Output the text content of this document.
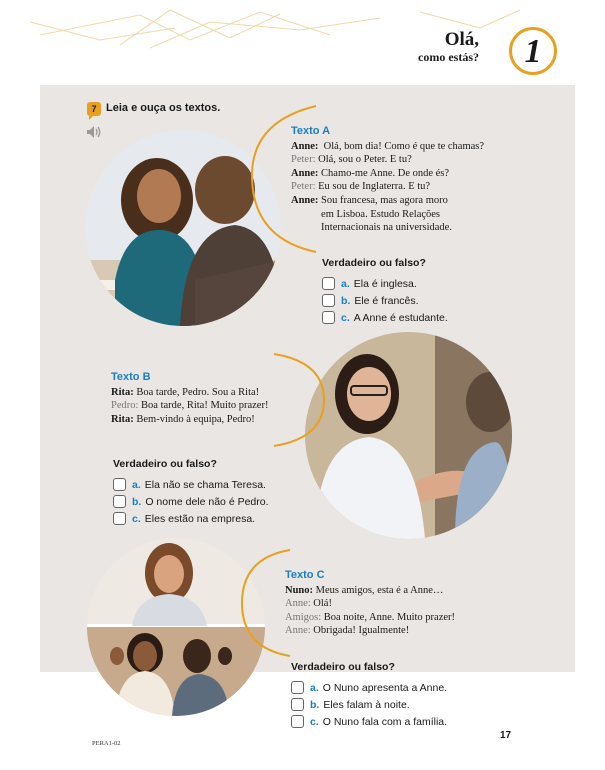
Olá,
como estás?	1
7 Leia e ouça os textos.
Texto A
Anne:
Olá, bom dia! Como é que te chamas?
Peter:
Olá, sou o Peter. E tu?
Anne:
Chamo-me Anne. De onde és?
Peter:
Eu sou de Inglaterra. E tu?
Anne:
Sou francesa, mas agora moro
em Lisboa. Estudo Relações
Internacionais na universidade.
Verdadeiro ou falso?
a. Ela é inglesa.
b. Ele é francês.
c. A Anne é estudante.
Texto B
Rita:
Boa tarde, Pedro. Sou a Rita!
Pedro:
Boa tarde, Rita! Muito prazer!
Rita:
Bem-vindo à equipa, Pedro!
Verdadeiro ou falso?
a. Ela não se chama Teresa.
b. O nome dele não é Pedro.
c. Eles estão na empresa.
Texto C
Nuno:
Meus amigos, esta é a Anne…
Anne:
Olá!
Amigos:
Boa noite, Anne. Muito prazer!
Anne:
Obrigada! Igualmente!
Verdadeiro ou falso?
a. O Nuno apresenta a Anne.
b. Eles falam à noite.
c. O Nuno fala com a família.
17
PERA1-02
